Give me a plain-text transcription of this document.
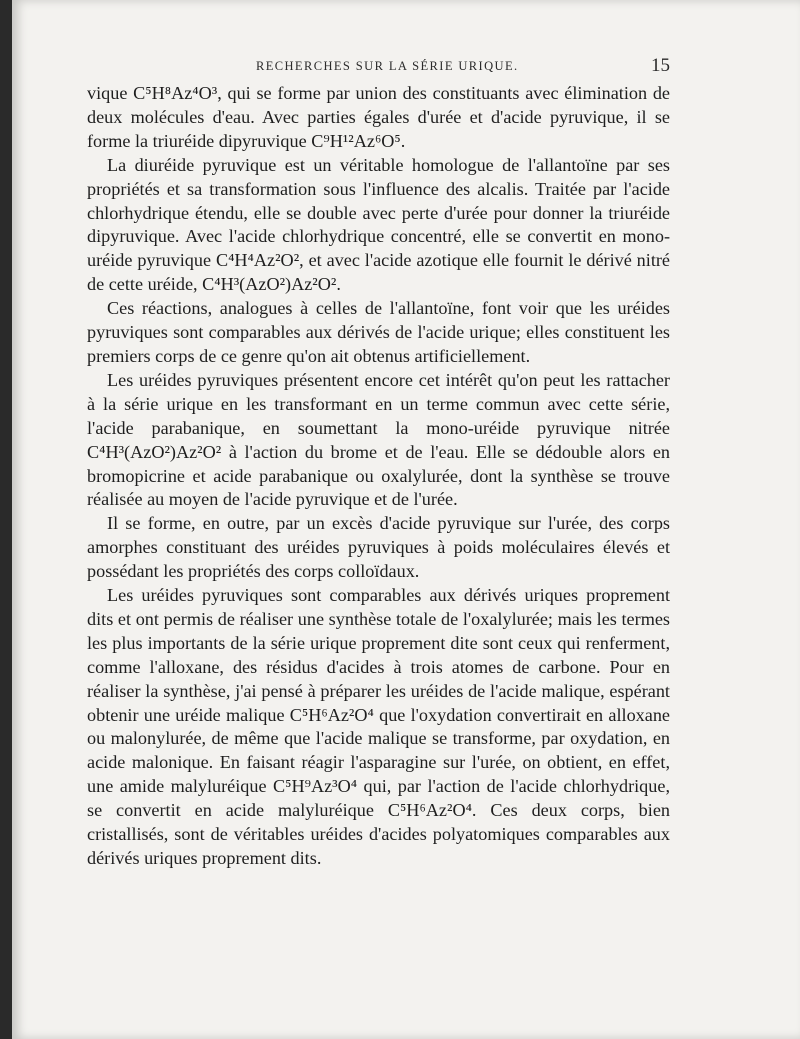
RECHERCHES SUR LA SÉRIE URIQUE.	15

vique C⁵H⁸Az⁴O³, qui se forme par union des constituants avec élimination de deux molécules d'eau. Avec parties égales d'urée et d'acide pyruvique, il se forme la triuréide dipyruvique C⁹H¹²Az⁶O⁵.

La diuréide pyruvique est un véritable homologue de l'allantoïne par ses propriétés et sa transformation sous l'influence des alcalis. Traitée par l'acide chlorhydrique étendu, elle se double avec perte d'urée pour donner la triuréide dipyruvique. Avec l'acide chlorhydrique concentré, elle se convertit en mono-uréide pyruvique C⁴H⁴Az²O², et avec l'acide azotique elle fournit le dérivé nitré de cette uréide, C⁴H³(AzO²)Az²O².

Ces réactions, analogues à celles de l'allantoïne, font voir que les uréides pyruviques sont comparables aux dérivés de l'acide urique; elles constituent les premiers corps de ce genre qu'on ait obtenus artificiellement.

Les uréides pyruviques présentent encore cet intérêt qu'on peut les rattacher à la série urique en les transformant en un terme commun avec cette série, l'acide parabanique, en soumettant la mono-uréide pyruvique nitrée C⁴H³(AzO²)Az²O² à l'action du brome et de l'eau. Elle se dédouble alors en bromopicrine et acide parabanique ou oxalylurée, dont la synthèse se trouve réalisée au moyen de l'acide pyruvique et de l'urée.

Il se forme, en outre, par un excès d'acide pyruvique sur l'urée, des corps amorphes constituant des uréides pyruviques à poids moléculaires élevés et possédant les propriétés des corps colloïdaux.

Les uréides pyruviques sont comparables aux dérivés uriques proprement dits et ont permis de réaliser une synthèse totale de l'oxalylurée; mais les termes les plus importants de la série urique proprement dite sont ceux qui renferment, comme l'alloxane, des résidus d'acides à trois atomes de carbone. Pour en réaliser la synthèse, j'ai pensé à préparer les uréides de l'acide malique, espérant obtenir une uréide malique C⁵H⁶Az²O⁴ que l'oxydation convertirait en alloxane ou malonylurée, de même que l'acide malique se transforme, par oxydation, en acide malonique. En faisant réagir l'asparagine sur l'urée, on obtient, en effet, une amide malyluréique C⁵H⁹Az³O⁴ qui, par l'action de l'acide chlorhydrique, se convertit en acide malyluréique C⁵H⁶Az²O⁴. Ces deux corps, bien cristallisés, sont de véritables uréides d'acides polyatomiques comparables aux dérivés uriques proprement dits.
